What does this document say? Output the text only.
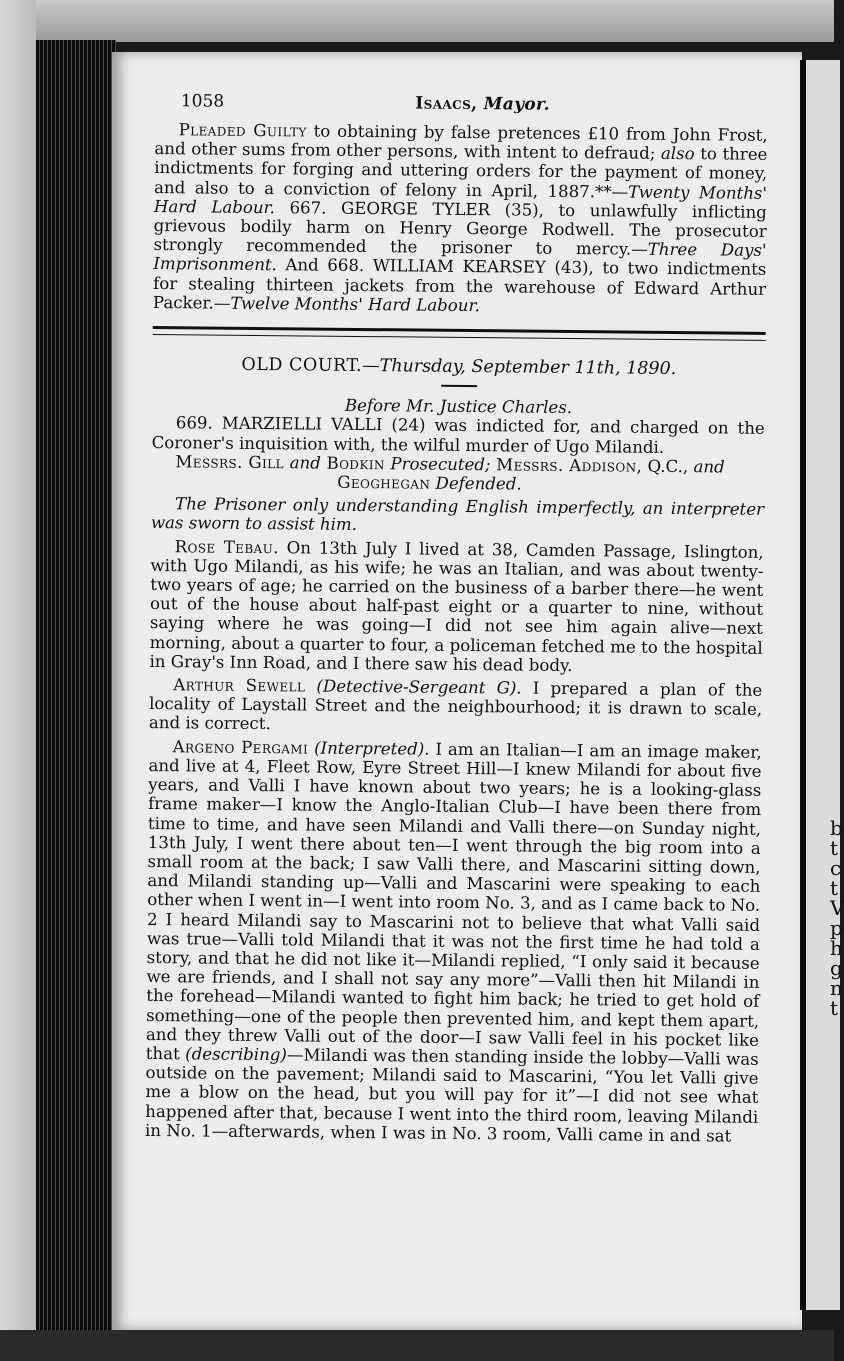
b
t
c
t
V
p
h
g
n
t
1058	Isaacs, Mayor.

Pleaded Guilty to obtaining by false pretences £10 from John Frost, and other sums from other persons, with intent to defraud; also to three indictments for forging and uttering orders for the payment of money, and also to a conviction of felony in April, 1887.**—Twenty Months' Hard Labour. 667. GEORGE TYLER (35), to unlawfully inflicting grievous bodily harm on Henry George Rodwell. The prosecutor strongly recommended the prisoner to mercy.—Three Days' Imprisonment. And 668. WILLIAM KEARSEY (43), to two indictments for stealing thirteen jackets from the warehouse of Edward Arthur Packer.—Twelve Months' Hard Labour.

OLD COURT.—Thursday, September 11th, 1890.
Before Mr. Justice Charles.

669. MARZIELLI VALLI (24) was indicted for, and charged on the Coroner's inquisition with, the wilful murder of Ugo Milandi.

Messrs. Gill and Bodkin Prosecuted; Messrs. Addison, Q.C., and
Geoghegan Defended.

The Prisoner only understanding English imperfectly, an interpreter was sworn to assist him.

Rose Tebau. On 13th July I lived at 38, Camden Passage, Islington, with Ugo Milandi, as his wife; he was an Italian, and was about twenty-two years of age; he carried on the business of a barber there—he went out of the house about half-past eight or a quarter to nine, without saying where he was going—I did not see him again alive—next morning, about a quarter to four, a policeman fetched me to the hospital in Gray's Inn Road, and I there saw his dead body.

Arthur Sewell (Detective-Sergeant G). I prepared a plan of the locality of Laystall Street and the neighbourhood; it is drawn to scale, and is correct.

Argeno Pergami (Interpreted). I am an Italian—I am an image maker, and live at 4, Fleet Row, Eyre Street Hill—I knew Milandi for about five years, and Valli I have known about two years; he is a looking-glass frame maker—I know the Anglo-Italian Club—I have been there from time to time, and have seen Milandi and Valli there—on Sunday night, 13th July, I went there about ten—I went through the big room into a small room at the back; I saw Valli there, and Mascarini sitting down, and Milandi standing up—Valli and Mascarini were speaking to each other when I went in—I went into room No. 3, and as I came back to No. 2 I heard Milandi say to Mascarini not to believe that what Valli said was true—Valli told Milandi that it was not the first time he had told a story, and that he did not like it—Milandi replied, “I only said it because we are friends, and I shall not say any more”—Valli then hit Milandi in the forehead—Milandi wanted to fight him back; he tried to get hold of something—one of the people then prevented him, and kept them apart, and they threw Valli out of the door—I saw Valli feel in his pocket like that (describing)—Milandi was then standing inside the lobby—Valli was outside on the pavement; Milandi said to Mascarini, “You let Valli give me a blow on the head, but you will pay for it”—I did not see what happened after that, because I went into the third room, leaving Milandi in No. 1—afterwards, when I was in No. 3 room, Valli came in and sat
